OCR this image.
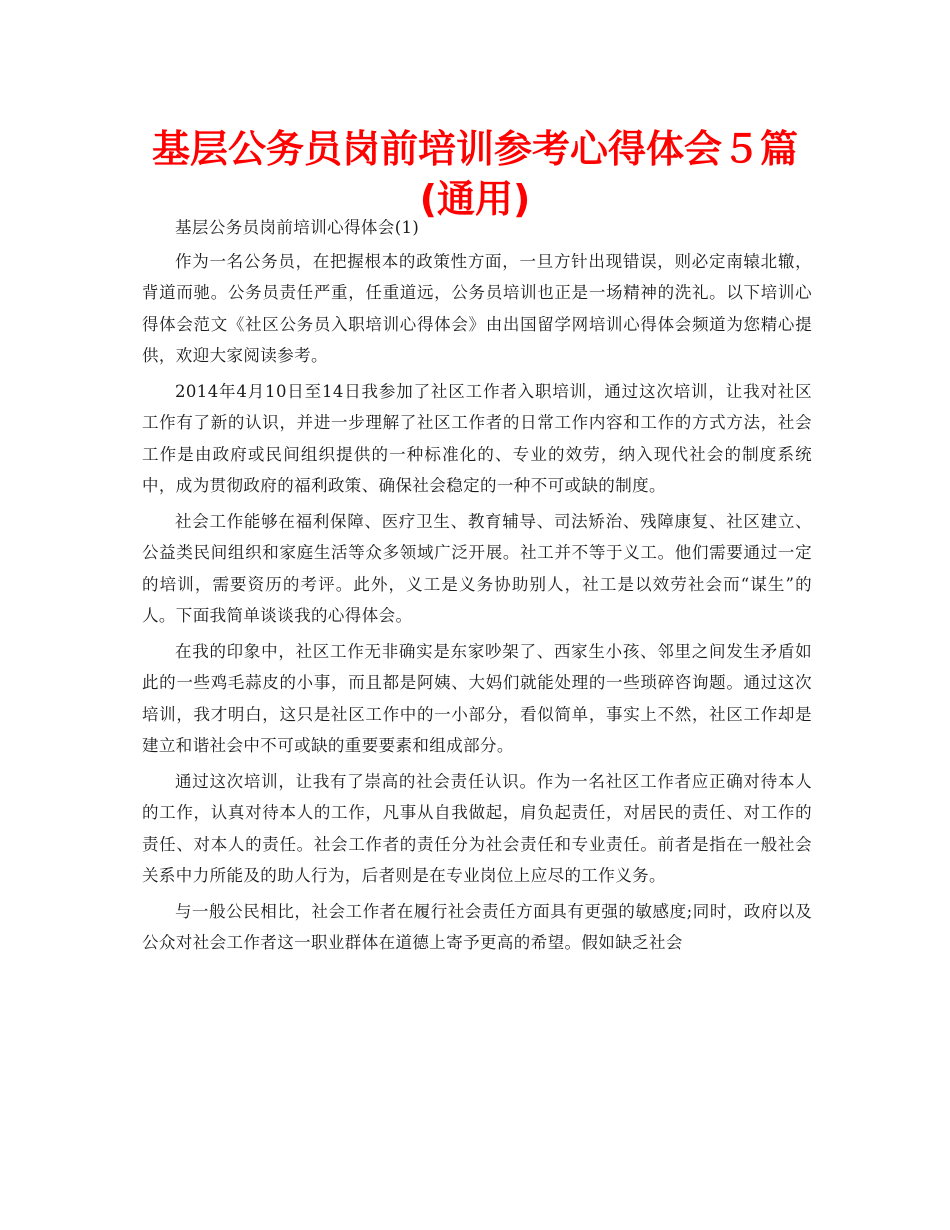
基层公务员岗前培训参考心得体会５篇
(通用)

基层公务员岗前培训心得体会(1)

作为一名公务员，在把握根本的政策性方面，一旦方针出现错误，则必定南辕北辙，背道而驰。公务员责任严重，任重道远，公务员培训也正是一场精神的洗礼。以下培训心得体会范文《社区公务员入职培训心得体会》由出国留学网培训心得体会频道为您精心提供，欢迎大家阅读参考。

2014年4月10日至14日我参加了社区工作者入职培训，通过这次培训，让我对社区工作有了新的认识，并进一步理解了社区工作者的日常工作内容和工作的方式方法，社会工作是由政府或民间组织提供的一种标准化的、专业的效劳，纳入现代社会的制度系统中，成为贯彻政府的福利政策、确保社会稳定的一种不可或缺的制度。

社会工作能够在福利保障、医疗卫生、教育辅导、司法矫治、残障康复、社区建立、公益类民间组织和家庭生活等众多领域广泛开展。社工并不等于义工。他们需要通过一定的培训，需要资历的考评。此外，义工是义务协助别人，社工是以效劳社会而“谋生”的人。下面我简单谈谈我的心得体会。

在我的印象中，社区工作无非确实是东家吵架了、西家生小孩、邻里之间发生矛盾如此的一些鸡毛蒜皮的小事，而且都是阿姨、大妈们就能处理的一些琐碎咨询题。通过这次培训，我才明白，这只是社区工作中的一小部分，看似简单，事实上不然，社区工作却是建立和谐社会中不可或缺的重要要素和组成部分。

通过这次培训，让我有了崇高的社会责任认识。作为一名社区工作者应正确对待本人的工作，认真对待本人的工作，凡事从自我做起，肩负起责任，对居民的责任、对工作的责任、对本人的责任。社会工作者的责任分为社会责任和专业责任。前者是指在一般社会关系中力所能及的助人行为，后者则是在专业岗位上应尽的工作义务。

与一般公民相比，社会工作者在履行社会责任方面具有更强的敏感度;同时，政府以及公众对社会工作者这一职业群体在道德上寄予更高的希望。假如缺乏社会
